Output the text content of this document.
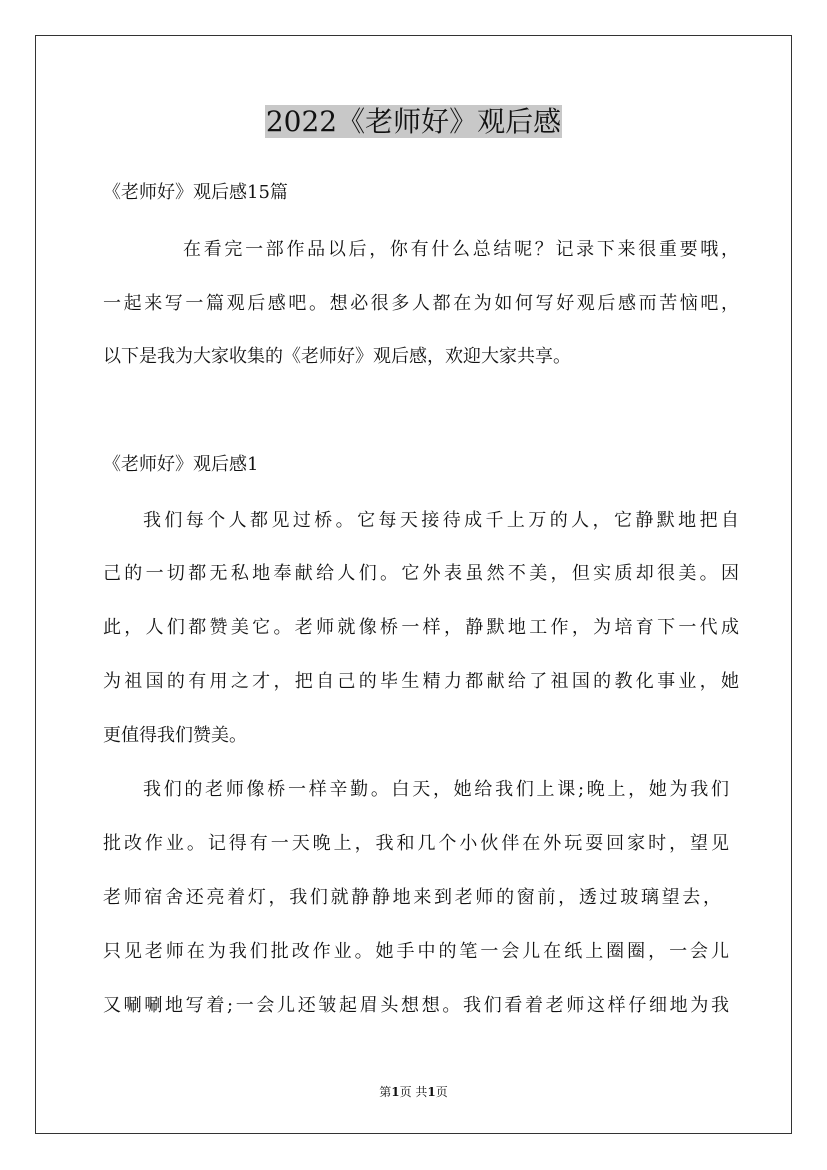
2022《老师好》观后感
《老师好》观后感15篇
在看完一部作品以后，你有什么总结呢？记录下来很重要哦，
一起来写一篇观后感吧。想必很多人都在为如何写好观后感而苦恼吧，
以下是我为大家收集的《老师好》观后感，欢迎大家共享。
《老师好》观后感1
我们每个人都见过桥。它每天接待成千上万的人，它静默地把自
己的一切都无私地奉献给人们。它外表虽然不美，但实质却很美。因
此，人们都赞美它。老师就像桥一样，静默地工作，为培育下一代成
为祖国的有用之才，把自己的毕生精力都献给了祖国的教化事业，她
更值得我们赞美。
我们的老师像桥一样辛勤。白天，她给我们上课;晚上，她为我们
批改作业。记得有一天晚上，我和几个小伙伴在外玩耍回家时，望见
老师宿舍还亮着灯，我们就静静地来到老师的窗前，透过玻璃望去，
只见老师在为我们批改作业。她手中的笔一会儿在纸上圈圈，一会儿
又唰唰地写着;一会儿还皱起眉头想想。我们看着老师这样仔细地为我
第1页 共1页
